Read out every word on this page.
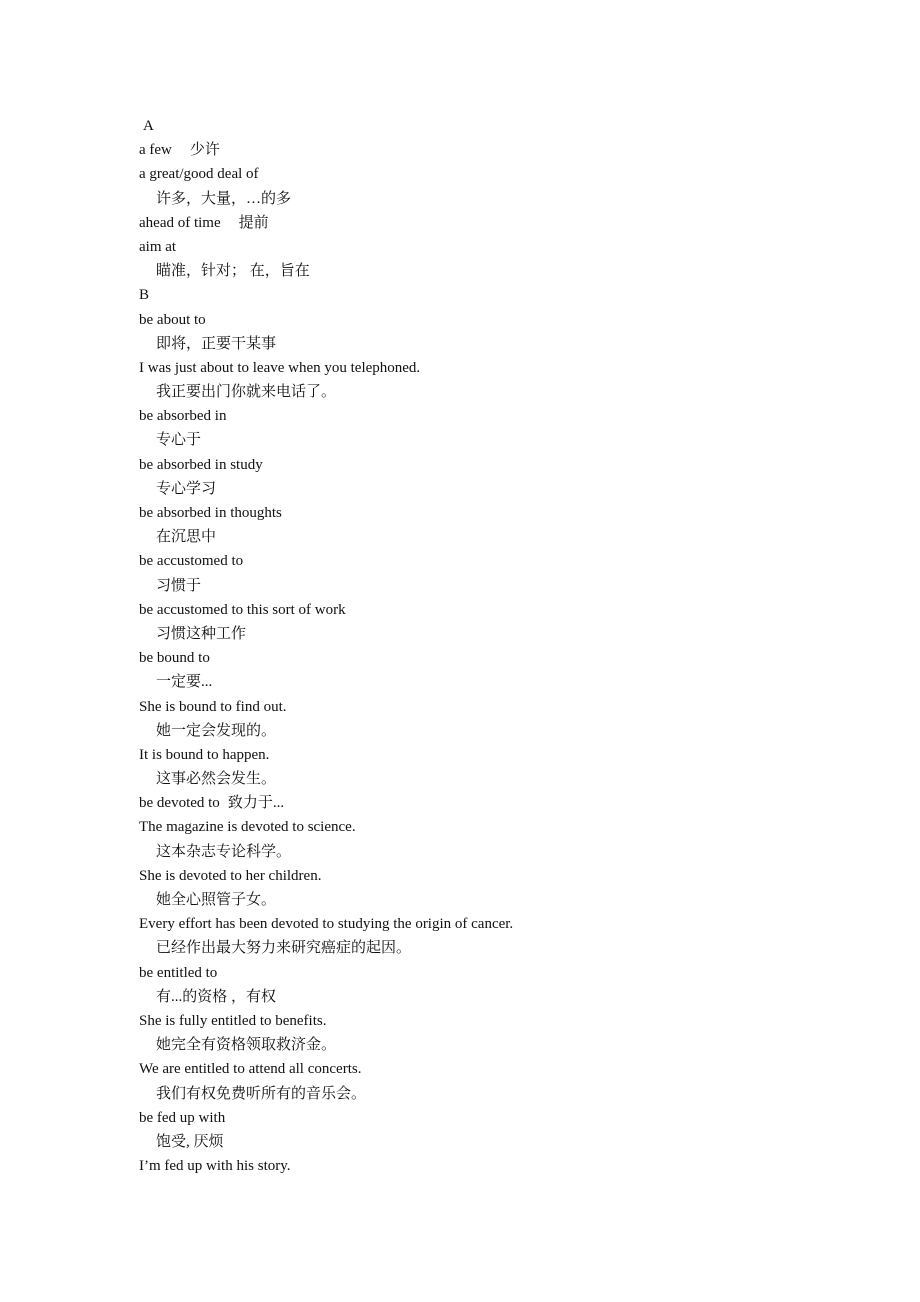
A
a few 少许
a great/good deal of
许多，大量，…的多
ahead of time 提前
aim at
瞄准，针对； 在，旨在
B
be about to
即将，正要干某事
I was just about to leave when you telephoned.
我正要出门你就来电话了。
be absorbed in
专心于
be absorbed in study
专心学习
be absorbed in thoughts
在沉思中
be accustomed to
习惯于
be accustomed to this sort of work
习惯这种工作
be bound to
一定要...
She is bound to find out.
她一定会发现的。
It is bound to happen.
这事必然会发生。
be devoted to 致力于...
The magazine is devoted to science.
这本杂志专论科学。
She is devoted to her children.
她全心照管子女。
Every effort has been devoted to studying the origin of cancer.
已经作出最大努力来研究癌症的起因。
be entitled to
有...的资格 ，有权
She is fully entitled to benefits.
她完全有资格领取救济金。
We are entitled to attend all concerts.
我们有权免费听所有的音乐会。
be fed up with
饱受, 厌烦
I’m fed up with his story.
